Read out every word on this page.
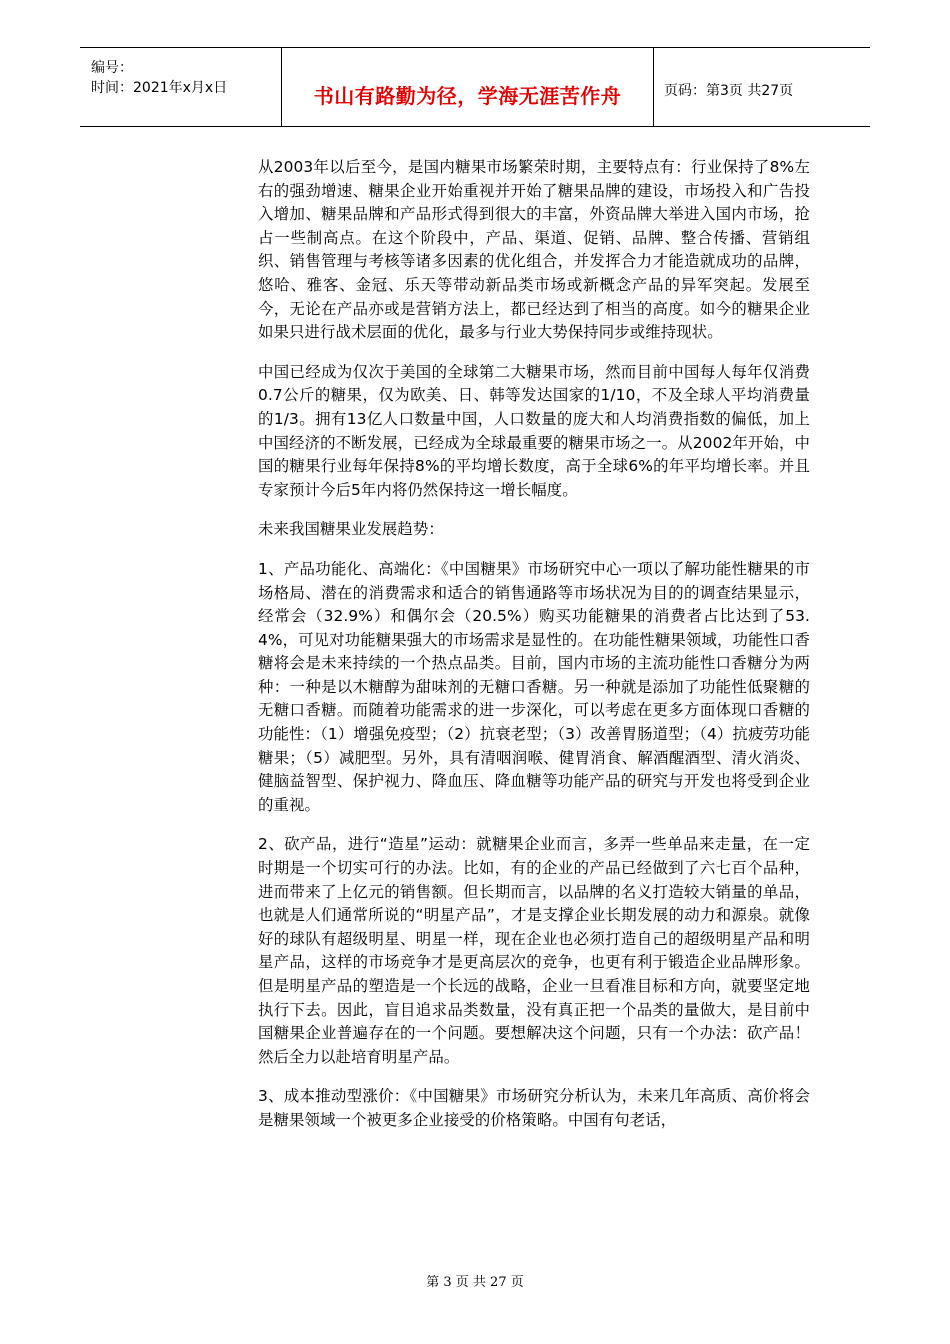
编号：
时间：2021年x月x日	书山有路勤为径，学海无涯苦作舟	页码：第3页 共27页

从2003年以后至今，是国内糖果市场繁荣时期，主要特点有：行业保持了8%左右的强劲增速、糖果企业开始重视并开始了糖果品牌的建设，市场投入和广告投入增加、糖果品牌和产品形式得到很大的丰富，外资品牌大举进入国内市场，抢占一些制高点。在这个阶段中，产品、渠道、促销、品牌、整合传播、营销组织、销售管理与考核等诸多因素的优化组合，并发挥合力才能造就成功的品牌，悠哈、雅客、金冠、乐天等带动新品类市场或新概念产品的异军突起。发展至今，无论在产品亦或是营销方法上，都已经达到了相当的高度。如今的糖果企业如果只进行战术层面的优化，最多与行业大势保持同步或维持现状。

中国已经成为仅次于美国的全球第二大糖果市场，然而目前中国每人每年仅消费0.7公斤的糖果，仅为欧美、日、韩等发达国家的1/10，不及全球人平均消费量的1/3。拥有13亿人口数量中国，人口数量的庞大和人均消费指数的偏低，加上中国经济的不断发展，已经成为全球最重要的糖果市场之一。从2002年开始，中国的糖果行业每年保持8%的平均增长数度，高于全球6%的年平均增长率。并且专家预计今后5年内将仍然保持这一增长幅度。

未来我国糖果业发展趋势：

1、产品功能化、高端化：《中国糖果》市场研究中心一项以了解功能性糖果的市场格局、潜在的消费需求和适合的销售通路等市场状况为目的的调查结果显示，经常会（32.9%）和偶尔会（20.5%）购买功能糖果的消费者占比达到了53.4%，可见对功能糖果强大的市场需求是显性的。在功能性糖果领域，功能性口香糖将会是未来持续的一个热点品类。目前，国内市场的主流功能性口香糖分为两种：一种是以木糖醇为甜味剂的无糖口香糖。另一种就是添加了功能性低聚糖的无糖口香糖。而随着功能需求的进一步深化，可以考虑在更多方面体现口香糖的功能性：（1）增强免疫型；（2）抗衰老型；（3）改善胃肠道型；（4）抗疲劳功能糖果；（5）减肥型。另外，具有清咽润喉、健胃消食、解酒醒酒型、清火消炎、健脑益智型、保护视力、降血压、降血糖等功能产品的研究与开发也将受到企业的重视。

2、砍产品，进行“造星”运动：就糖果企业而言，多弄一些单品来走量，在一定时期是一个切实可行的办法。比如，有的企业的产品已经做到了六七百个品种，进而带来了上亿元的销售额。但长期而言，以品牌的名义打造较大销量的单品，也就是人们通常所说的“明星产品”，才是支撑企业长期发展的动力和源泉。就像好的球队有超级明星、明星一样，现在企业也必须打造自己的超级明星产品和明星产品，这样的市场竞争才是更高层次的竞争，也更有利于锻造企业品牌形象。但是明星产品的塑造是一个长远的战略，企业一旦看准目标和方向，就要坚定地执行下去。因此，盲目追求品类数量，没有真正把一个品类的量做大，是目前中国糖果企业普遍存在的一个问题。要想解决这个问题，只有一个办法：砍产品！然后全力以赴培育明星产品。

3、成本推动型涨价：《中国糖果》市场研究分析认为，未来几年高质、高价将会是糖果领域一个被更多企业接受的价格策略。中国有句老话，

第 3 页 共 27 页
